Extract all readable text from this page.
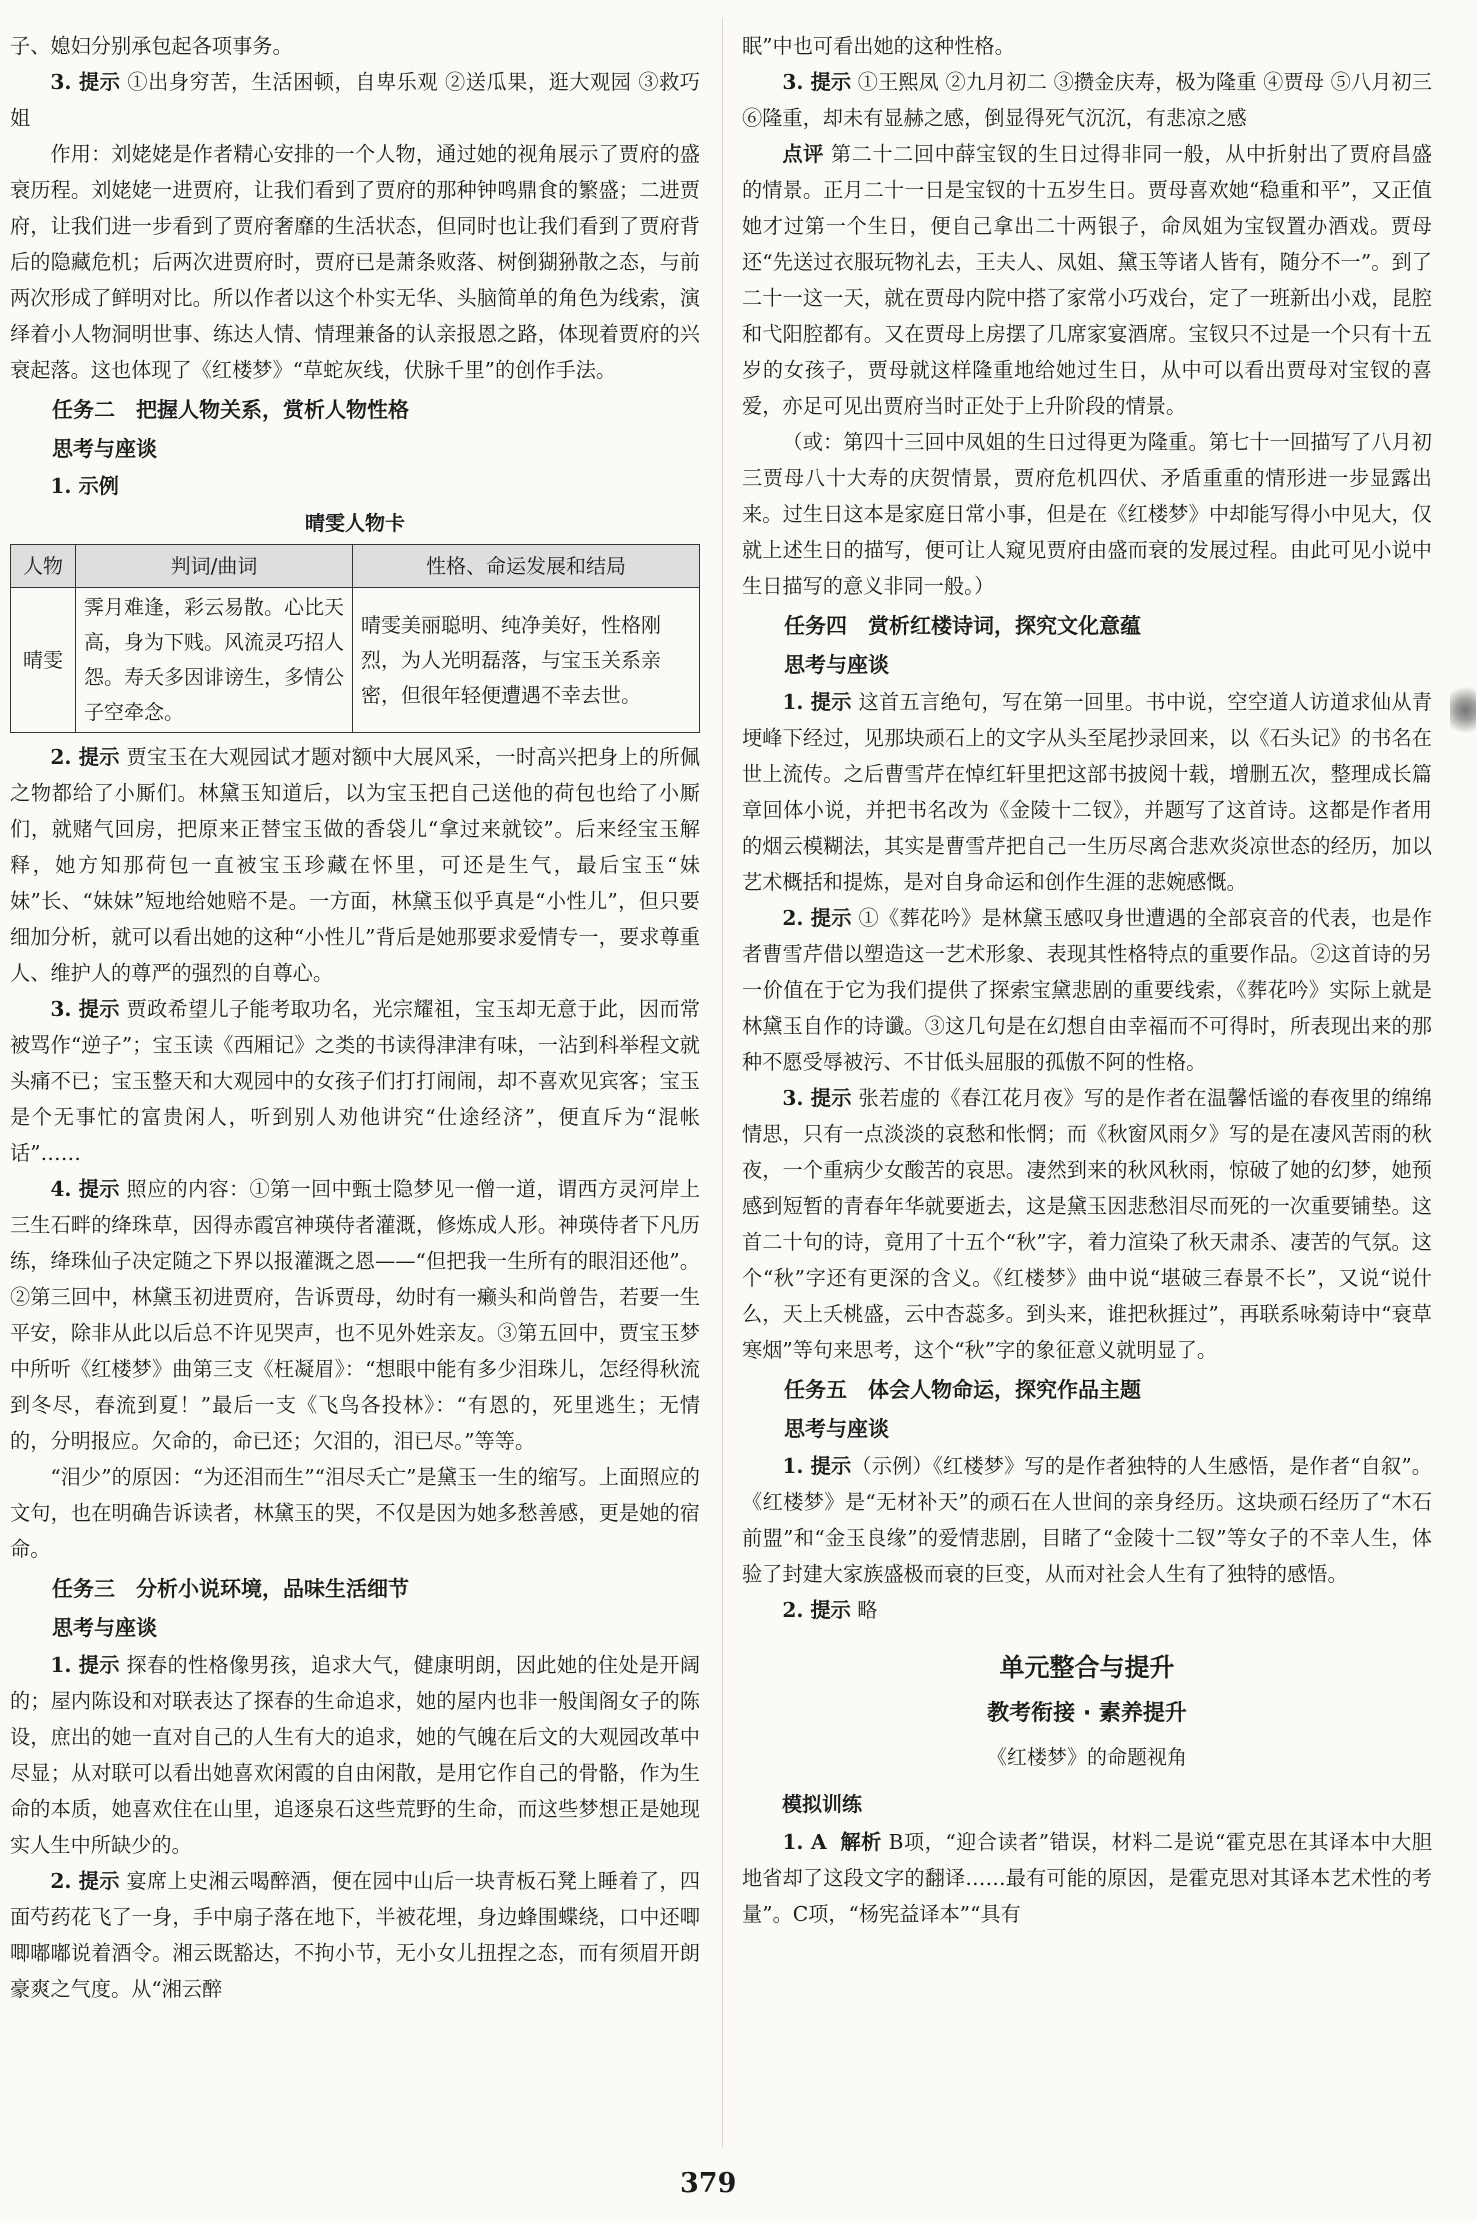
子、媳妇分别承包起各项事务。

3. 提示 ①出身穷苦，生活困顿，自卑乐观 ②送瓜果，逛大观园 ③救巧姐

作用：刘姥姥是作者精心安排的一个人物，通过她的视角展示了贾府的盛衰历程。刘姥姥一进贾府，让我们看到了贾府的那种钟鸣鼎食的繁盛；二进贾府，让我们进一步看到了贾府奢靡的生活状态，但同时也让我们看到了贾府背后的隐藏危机；后两次进贾府时，贾府已是萧条败落、树倒猢狲散之态，与前两次形成了鲜明对比。所以作者以这个朴实无华、头脑简单的角色为线索，演绎着小人物洞明世事、练达人情、情理兼备的认亲报恩之路，体现着贾府的兴衰起落。这也体现了《红楼梦》“草蛇灰线，伏脉千里”的创作手法。

任务二　把握人物关系，赏析人物性格
思考与座谈
1. 示例
晴雯人物卡
人物	判词/曲词	性格、命运发展和结局
晴雯	霁月难逢，彩云易散。心比天高，身为下贱。风流灵巧招人怨。寿夭多因诽谤生，多情公子空牵念。	晴雯美丽聪明、纯净美好，性格刚烈，为人光明磊落，与宝玉关系亲密，但很年轻便遭遇不幸去世。

2. 提示 贾宝玉在大观园试才题对额中大展风采，一时高兴把身上的所佩之物都给了小厮们。林黛玉知道后，以为宝玉把自己送他的荷包也给了小厮们，就赌气回房，把原来正替宝玉做的香袋儿“拿过来就铰”。后来经宝玉解释，她方知那荷包一直被宝玉珍藏在怀里，可还是生气，最后宝玉“妹妹”长、“妹妹”短地给她赔不是。一方面，林黛玉似乎真是“小性儿”，但只要细加分析，就可以看出她的这种“小性儿”背后是她那要求爱情专一，要求尊重人、维护人的尊严的强烈的自尊心。

3. 提示 贾政希望儿子能考取功名，光宗耀祖，宝玉却无意于此，因而常被骂作“逆子”；宝玉读《西厢记》之类的书读得津津有味，一沾到科举程文就头痛不已；宝玉整天和大观园中的女孩子们打打闹闹，却不喜欢见宾客；宝玉是个无事忙的富贵闲人，听到别人劝他讲究“仕途经济”，便直斥为“混帐话”……

4. 提示 照应的内容：①第一回中甄士隐梦见一僧一道，谓西方灵河岸上三生石畔的绛珠草，因得赤霞宫神瑛侍者灌溉，修炼成人形。神瑛侍者下凡历练，绛珠仙子决定随之下界以报灌溉之恩——“但把我一生所有的眼泪还他”。②第三回中，林黛玉初进贾府，告诉贾母，幼时有一癞头和尚曾告，若要一生平安，除非从此以后总不许见哭声，也不见外姓亲友。③第五回中，贾宝玉梦中所听《红楼梦》曲第三支《枉凝眉》：“想眼中能有多少泪珠儿，怎经得秋流到冬尽，春流到夏！”最后一支《飞鸟各投林》：“有恩的，死里逃生；无情的，分明报应。欠命的，命已还；欠泪的，泪已尽。”等等。

“泪少”的原因：“为还泪而生”“泪尽夭亡”是黛玉一生的缩写。上面照应的文句，也在明确告诉读者，林黛玉的哭，不仅是因为她多愁善感，更是她的宿命。

任务三　分析小说环境，品味生活细节
思考与座谈

1. 提示 探春的性格像男孩，追求大气，健康明朗，因此她的住处是开阔的；屋内陈设和对联表达了探春的生命追求，她的屋内也非一般闺阁女子的陈设，庶出的她一直对自己的人生有大的追求，她的气魄在后文的大观园改革中尽显；从对联可以看出她喜欢闲霞的自由闲散，是用它作自己的骨骼，作为生命的本质，她喜欢住在山里，追逐泉石这些荒野的生命，而这些梦想正是她现实人生中所缺少的。

2. 提示 宴席上史湘云喝醉酒，便在园中山后一块青板石凳上睡着了，四面芍药花飞了一身，手中扇子落在地下，半被花埋，身边蜂围蝶绕，口中还唧唧嘟嘟说着酒令。湘云既豁达，不拘小节，无小女儿扭捏之态，而有须眉开朗豪爽之气度。从“湘云醉

眠”中也可看出她的这种性格。

3. 提示 ①王熙凤 ②九月初二 ③攒金庆寿，极为隆重 ④贾母 ⑤八月初三 ⑥隆重，却未有显赫之感，倒显得死气沉沉，有悲凉之感

点评 第二十二回中薛宝钗的生日过得非同一般，从中折射出了贾府昌盛的情景。正月二十一日是宝钗的十五岁生日。贾母喜欢她“稳重和平”，又正值她才过第一个生日，便自己拿出二十两银子，命凤姐为宝钗置办酒戏。贾母还“先送过衣服玩物礼去，王夫人、凤姐、黛玉等诸人皆有，随分不一”。到了二十一这一天，就在贾母内院中搭了家常小巧戏台，定了一班新出小戏，昆腔和弋阳腔都有。又在贾母上房摆了几席家宴酒席。宝钗只不过是一个只有十五岁的女孩子，贾母就这样隆重地给她过生日，从中可以看出贾母对宝钗的喜爱，亦足可见出贾府当时正处于上升阶段的情景。

（或：第四十三回中凤姐的生日过得更为隆重。第七十一回描写了八月初三贾母八十大寿的庆贺情景，贾府危机四伏、矛盾重重的情形进一步显露出来。过生日这本是家庭日常小事，但是在《红楼梦》中却能写得小中见大，仅就上述生日的描写，便可让人窥见贾府由盛而衰的发展过程。由此可见小说中生日描写的意义非同一般。）

任务四　赏析红楼诗词，探究文化意蕴
思考与座谈

1. 提示 这首五言绝句，写在第一回里。书中说，空空道人访道求仙从青埂峰下经过，见那块顽石上的文字从头至尾抄录回来，以《石头记》的书名在世上流传。之后曹雪芹在悼红轩里把这部书披阅十载，增删五次，整理成长篇章回体小说，并把书名改为《金陵十二钗》，并题写了这首诗。这都是作者用的烟云模糊法，其实是曹雪芹把自己一生历尽离合悲欢炎凉世态的经历，加以艺术概括和提炼，是对自身命运和创作生涯的悲婉感慨。

2. 提示 ①《葬花吟》是林黛玉感叹身世遭遇的全部哀音的代表，也是作者曹雪芹借以塑造这一艺术形象、表现其性格特点的重要作品。②这首诗的另一价值在于它为我们提供了探索宝黛悲剧的重要线索，《葬花吟》实际上就是林黛玉自作的诗谶。③这几句是在幻想自由幸福而不可得时，所表现出来的那种不愿受辱被污、不甘低头屈服的孤傲不阿的性格。

3. 提示 张若虚的《春江花月夜》写的是作者在温馨恬谧的春夜里的绵绵情思，只有一点淡淡的哀愁和怅惘；而《秋窗风雨夕》写的是在凄风苦雨的秋夜，一个重病少女酸苦的哀思。凄然到来的秋风秋雨，惊破了她的幻梦，她预感到短暂的青春年华就要逝去，这是黛玉因悲愁泪尽而死的一次重要铺垫。这首二十句的诗，竟用了十五个“秋”字，着力渲染了秋天肃杀、凄苦的气氛。这个“秋”字还有更深的含义。《红楼梦》曲中说“堪破三春景不长”，又说“说什么，天上夭桃盛，云中杏蕊多。到头来，谁把秋捱过”，再联系咏菊诗中“衰草寒烟”等句来思考，这个“秋”字的象征意义就明显了。

任务五　体会人物命运，探究作品主题
思考与座谈

1. 提示（示例）《红楼梦》写的是作者独特的人生感悟，是作者“自叙”。《红楼梦》是“无材补天”的顽石在人世间的亲身经历。这块顽石经历了“木石前盟”和“金玉良缘”的爱情悲剧，目睹了“金陵十二钗”等女子的不幸人生，体验了封建大家族盛极而衰的巨变，从而对社会人生有了独特的感悟。

2. 提示 略

单元整合与提升
教考衔接 · 素养提升
《红楼梦》的命题视角
模拟训练

1. A 解析 B项，“迎合读者”错误，材料二是说“霍克思在其译本中大胆地省却了这段文字的翻译……最有可能的原因，是霍克思对其译本艺术性的考量”。C项，“杨宪益译本”“具有

379
